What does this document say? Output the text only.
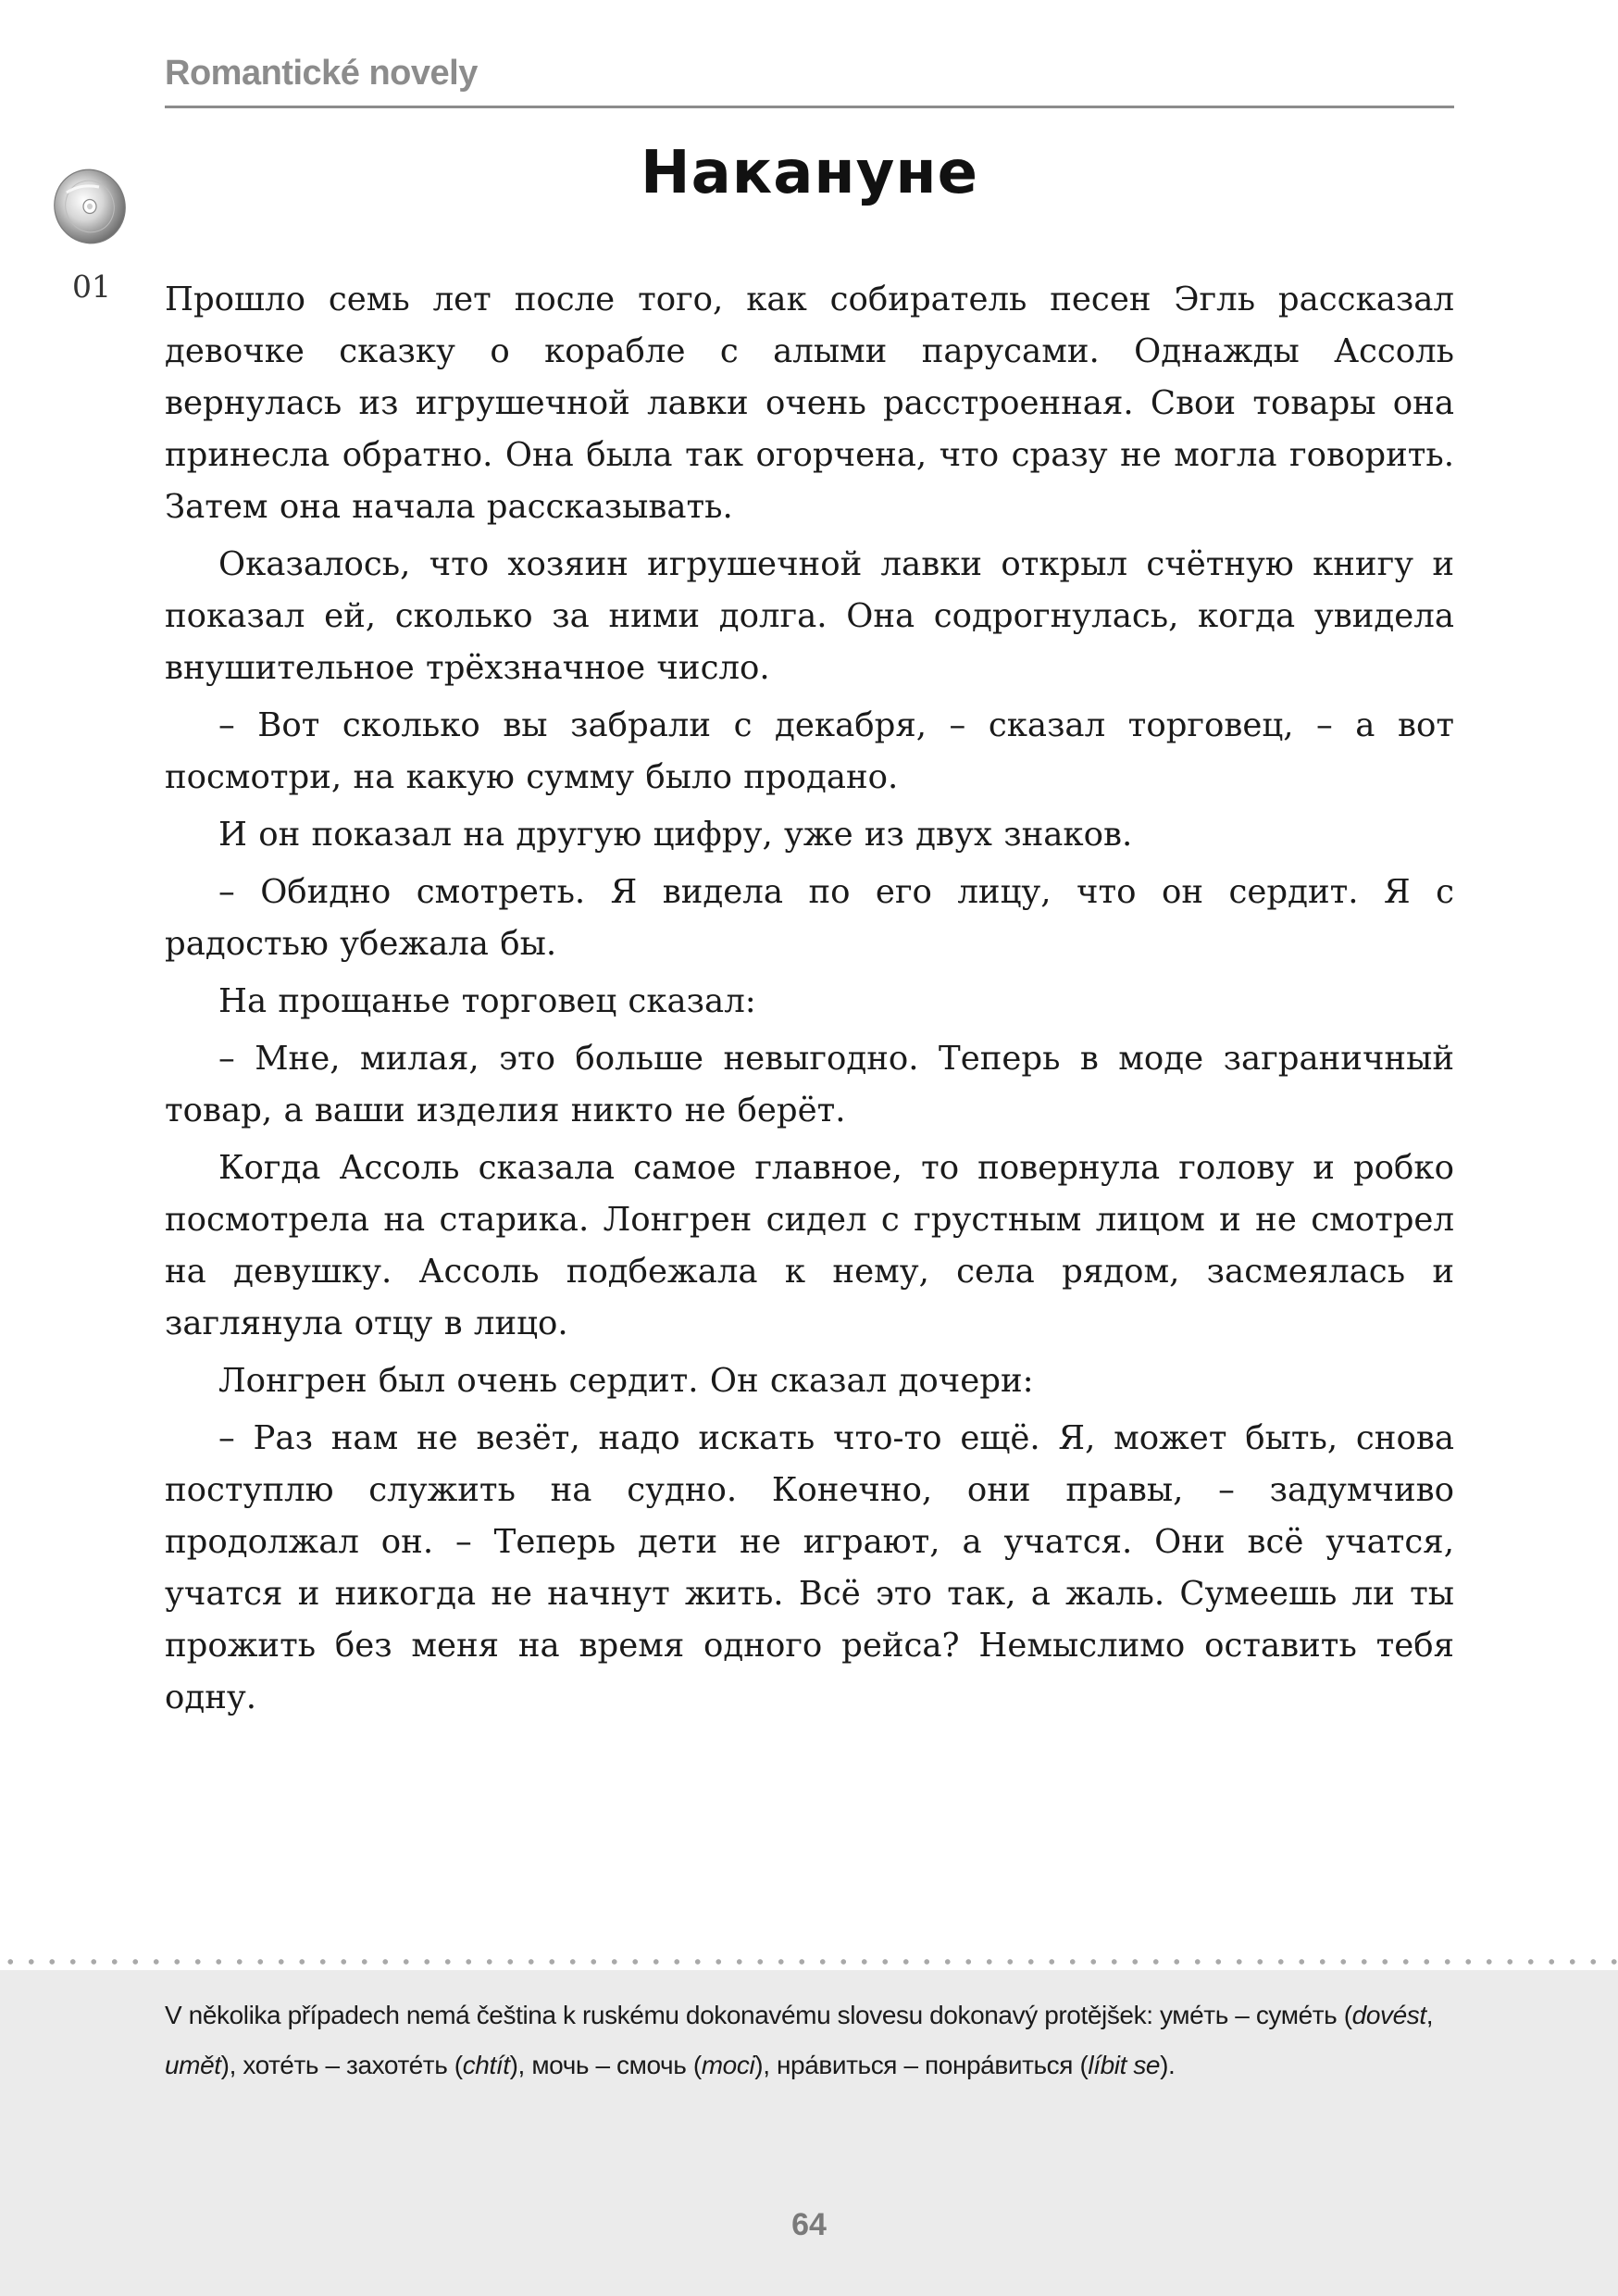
Romantické novely
01
Накануне

Прошло семь лет после того, как собиратель песен Эгль рассказал девочке сказку о корабле с алыми парусами. Однажды Ассоль вернулась из игрушечной лавки очень расстроенная. Свои товары она принесла обратно. Она была так огорчена, что сразу не могла говорить. Затем она начала рассказывать.

Оказалось, что хозяин игрушечной лавки открыл счётную книгу и показал ей, сколько за ними долга. Она содрогнулась, когда увидела внушительное трёхзначное число.

– Вот сколько вы забрали с декабря, – сказал торговец, – а вот посмотри, на какую сумму было продано.

И он показал на другую цифру, уже из двух знаков.

– Обидно смотреть. Я видела по его лицу, что он сердит. Я с радостью убежала бы.

На прощанье торговец сказал:

– Мне, милая, это больше невыгодно. Теперь в моде заграничный товар, а ваши изделия никто не берёт.

Когда Ассоль сказала самое главное, то повернула голову и робко посмотрела на старика. Лонгрен сидел с грустным лицом и не смотрел на девушку. Ассоль подбежала к нему, села рядом, засмеялась и заглянула отцу в лицо.

Лонгрен был очень сердит. Он сказал дочери:

– Раз нам не везёт, надо искать что-то ещё. Я, может быть, снова поступлю служить на судно. Конечно, они правы, – задумчиво продолжал он. – Теперь дети не играют, а учатся. Они всё учатся, учатся и никогда не начнут жить. Всё это так, а жаль. Сумеешь ли ты прожить без меня на время одного рейса? Немыслимо оставить тебя одну.

V několika případech nemá čeština k ruskému dokonavému slovesu dokonavý protějšek: уме́ть – суме́ть (dovést, umět), хоте́ть – захоте́ть (chtít), мочь – смочь (moci), нра́виться – понра́виться (líbit se).
64
